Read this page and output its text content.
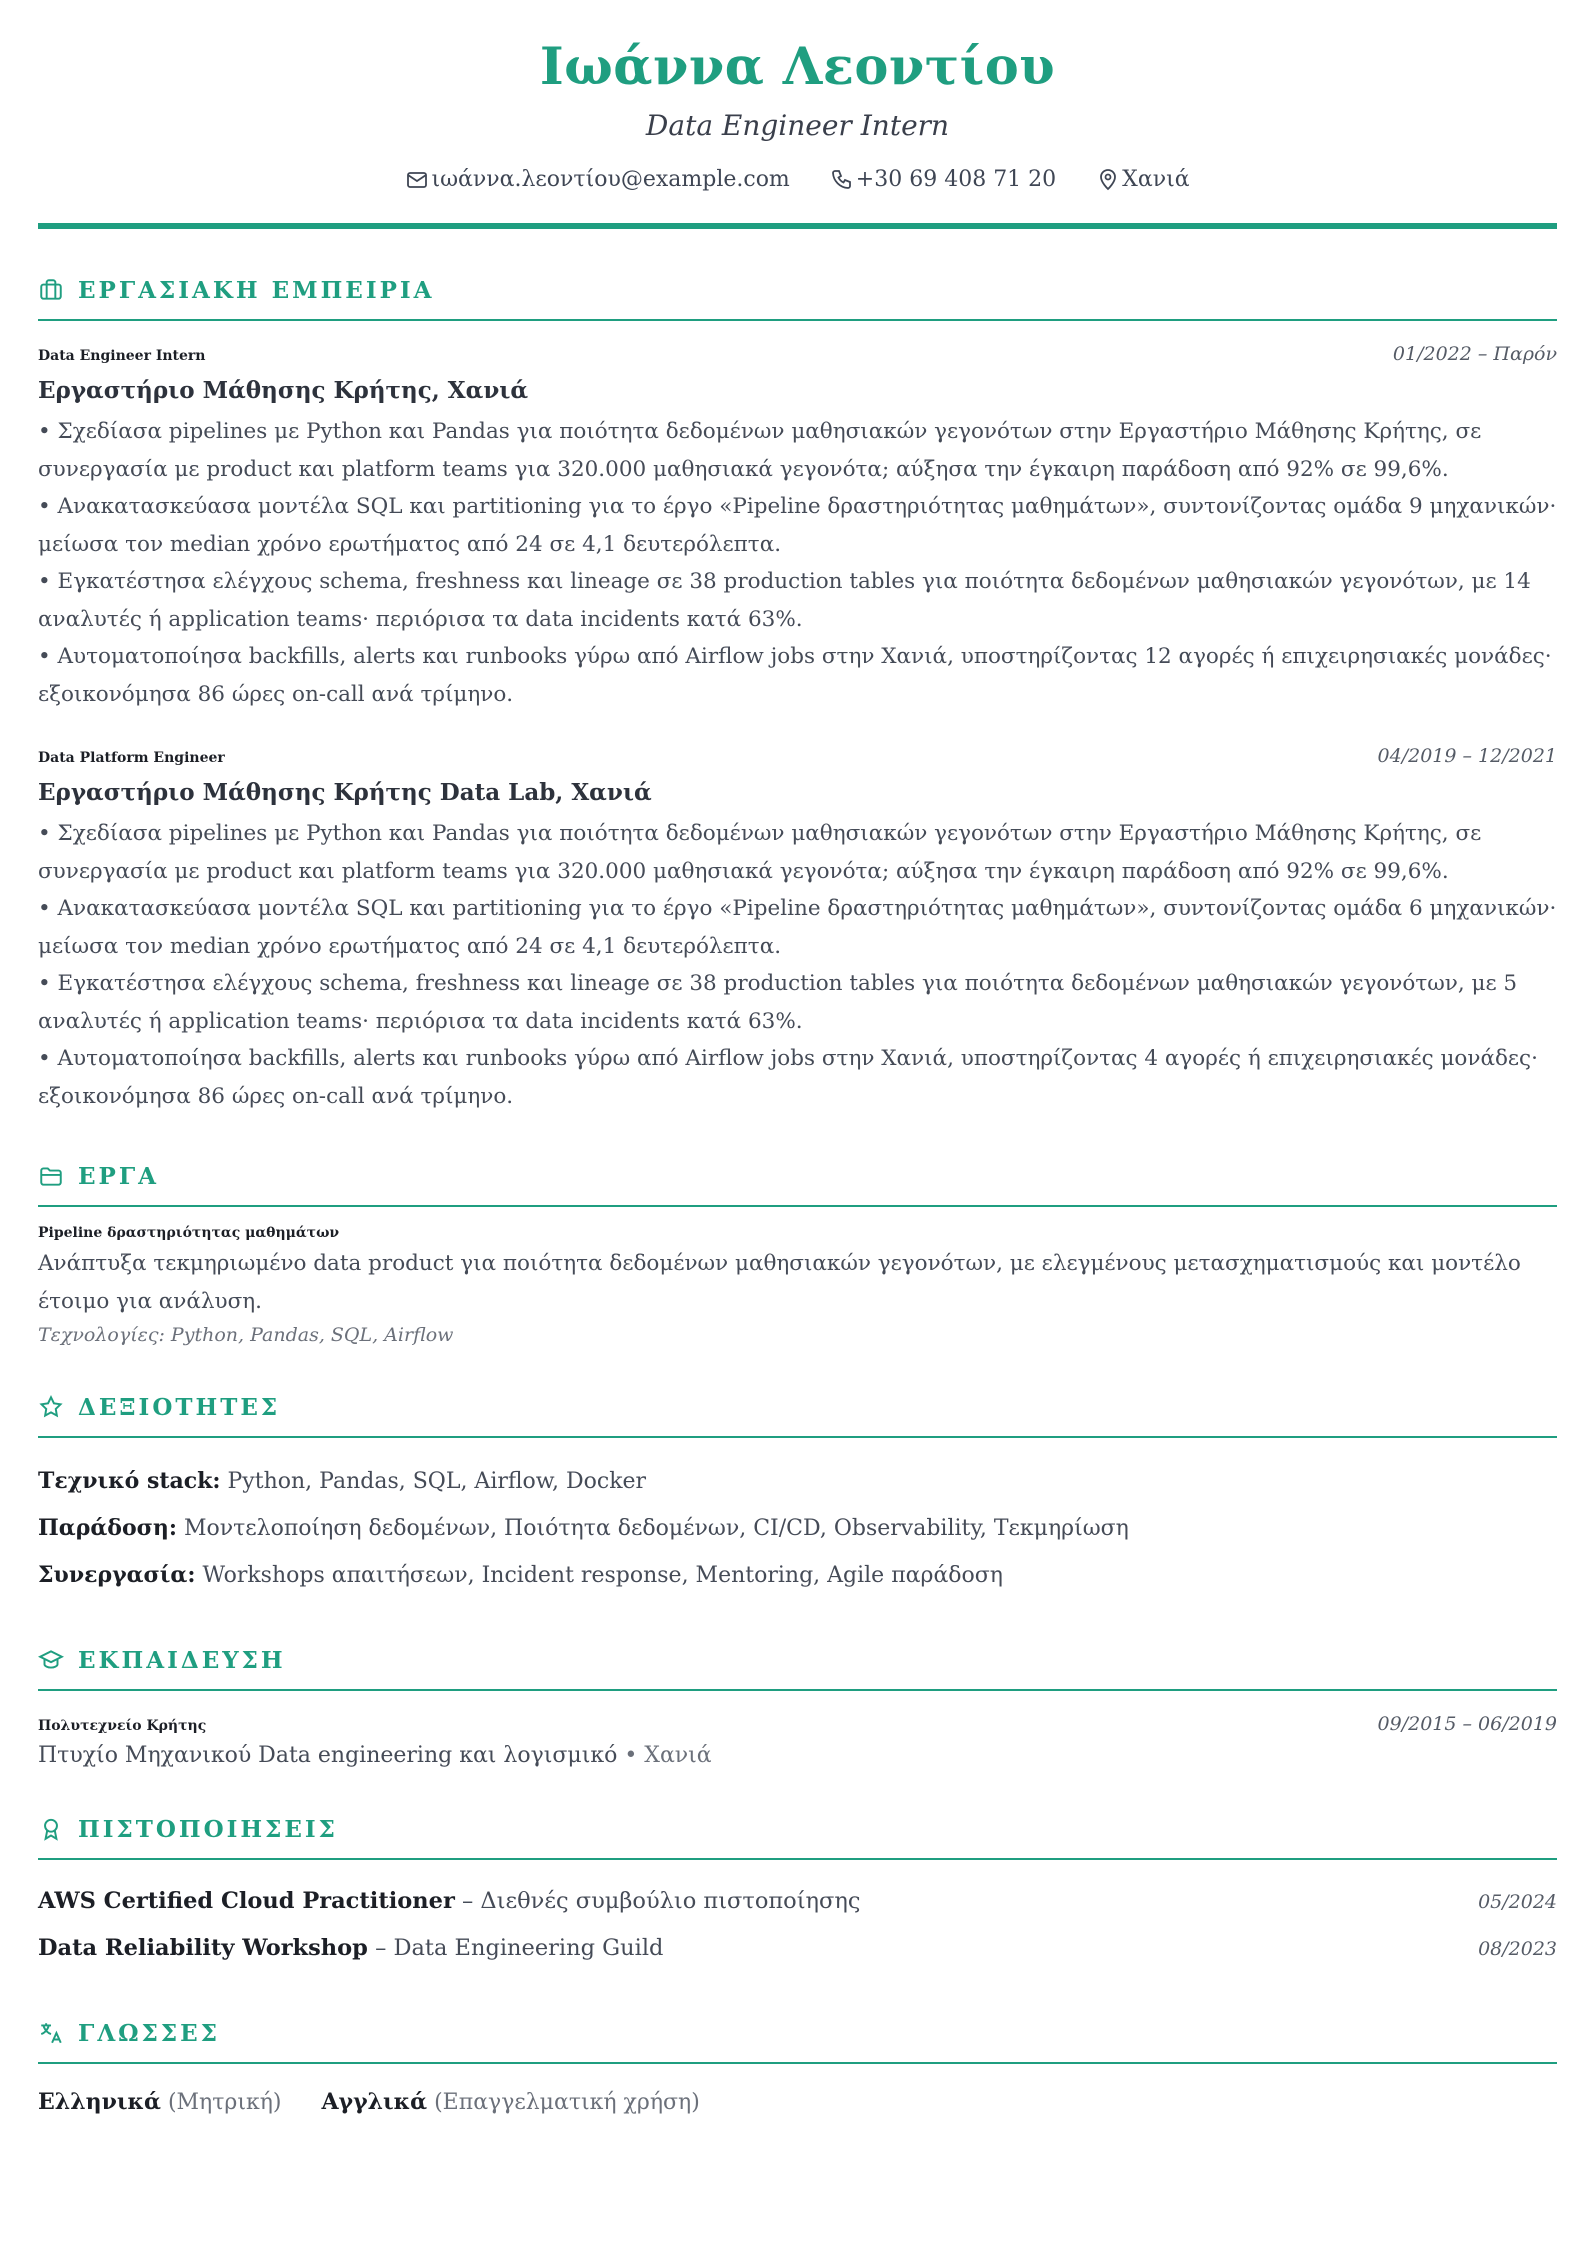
Ιωάννα Λεοντίου
Data Engineer Intern
ιωάννα.λεοντίου@example.com	+30 69 408 71 20	Χανιά
ΕΡΓΑΣΙΑΚΗ ΕΜΠΕΙΡΙΑ
Data Engineer Intern	01/2022 – Παρόν
Εργαστήριο Μάθησης Κρήτης, Χανιά
• Σχεδίασα pipelines με Python και Pandas για ποιότητα δεδομένων μαθησιακών γεγονότων στην Εργαστήριο Μάθησης Κρήτης, σε συνεργασία με product και platform teams για 320.000 μαθησιακά γεγονότα; αύξησα την έγκαιρη παράδοση από 92% σε 99,6%.
• Ανακατασκεύασα μοντέλα SQL και partitioning για το έργο «Pipeline δραστηριότητας μαθημάτων», συντονίζοντας ομάδα 9 μηχανικών· μείωσα τον median χρόνο ερωτήματος από 24 σε 4,1 δευτερόλεπτα.
• Εγκατέστησα ελέγχους schema, freshness και lineage σε 38 production tables για ποιότητα δεδομένων μαθησιακών γεγονότων, με 14 αναλυτές ή application teams· περιόρισα τα data incidents κατά 63%.
• Αυτοματοποίησα backfills, alerts και runbooks γύρω από Airflow jobs στην Χανιά, υποστηρίζοντας 12 αγορές ή επιχειρησιακές μονάδες· εξοικονόμησα 86 ώρες on-call ανά τρίμηνο.
Data Platform Engineer	04/2019 – 12/2021
Εργαστήριο Μάθησης Κρήτης Data Lab, Χανιά
• Σχεδίασα pipelines με Python και Pandas για ποιότητα δεδομένων μαθησιακών γεγονότων στην Εργαστήριο Μάθησης Κρήτης, σε συνεργασία με product και platform teams για 320.000 μαθησιακά γεγονότα; αύξησα την έγκαιρη παράδοση από 92% σε 99,6%.
• Ανακατασκεύασα μοντέλα SQL και partitioning για το έργο «Pipeline δραστηριότητας μαθημάτων», συντονίζοντας ομάδα 6 μηχανικών· μείωσα τον median χρόνο ερωτήματος από 24 σε 4,1 δευτερόλεπτα.
• Εγκατέστησα ελέγχους schema, freshness και lineage σε 38 production tables για ποιότητα δεδομένων μαθησιακών γεγονότων, με 5 αναλυτές ή application teams· περιόρισα τα data incidents κατά 63%.
• Αυτοματοποίησα backfills, alerts και runbooks γύρω από Airflow jobs στην Χανιά, υποστηρίζοντας 4 αγορές ή επιχειρησιακές μονάδες· εξοικονόμησα 86 ώρες on-call ανά τρίμηνο.
ΕΡΓΑ
Pipeline δραστηριότητας μαθημάτων
Ανάπτυξα τεκμηριωμένο data product για ποιότητα δεδομένων μαθησιακών γεγονότων, με ελεγμένους μετασχηματισμούς και μοντέλο έτοιμο για ανάλυση.
Τεχνολογίες: Python, Pandas, SQL, Airflow
ΔΕΞΙΟΤΗΤΕΣ
Τεχνικό stack: Python, Pandas, SQL, Airflow, Docker
Παράδοση: Μοντελοποίηση δεδομένων, Ποιότητα δεδομένων, CI/CD, Observability, Τεκμηρίωση
Συνεργασία: Workshops απαιτήσεων, Incident response, Mentoring, Agile παράδοση
ΕΚΠΑΙΔΕΥΣΗ
Πολυτεχνείο Κρήτης	09/2015 – 06/2019
Πτυχίο Μηχανικού Data engineering και λογισμικό • Χανιά
ΠΙΣΤΟΠΟΙΗΣΕΙΣ
AWS Certified Cloud Practitioner – Διεθνές συμβούλιο πιστοποίησης	05/2024
Data Reliability Workshop – Data Engineering Guild	08/2023
ΓΛΩΣΣΕΣ
Ελληνικά (Μητρική) Αγγλικά (Επαγγελματική χρήση)
